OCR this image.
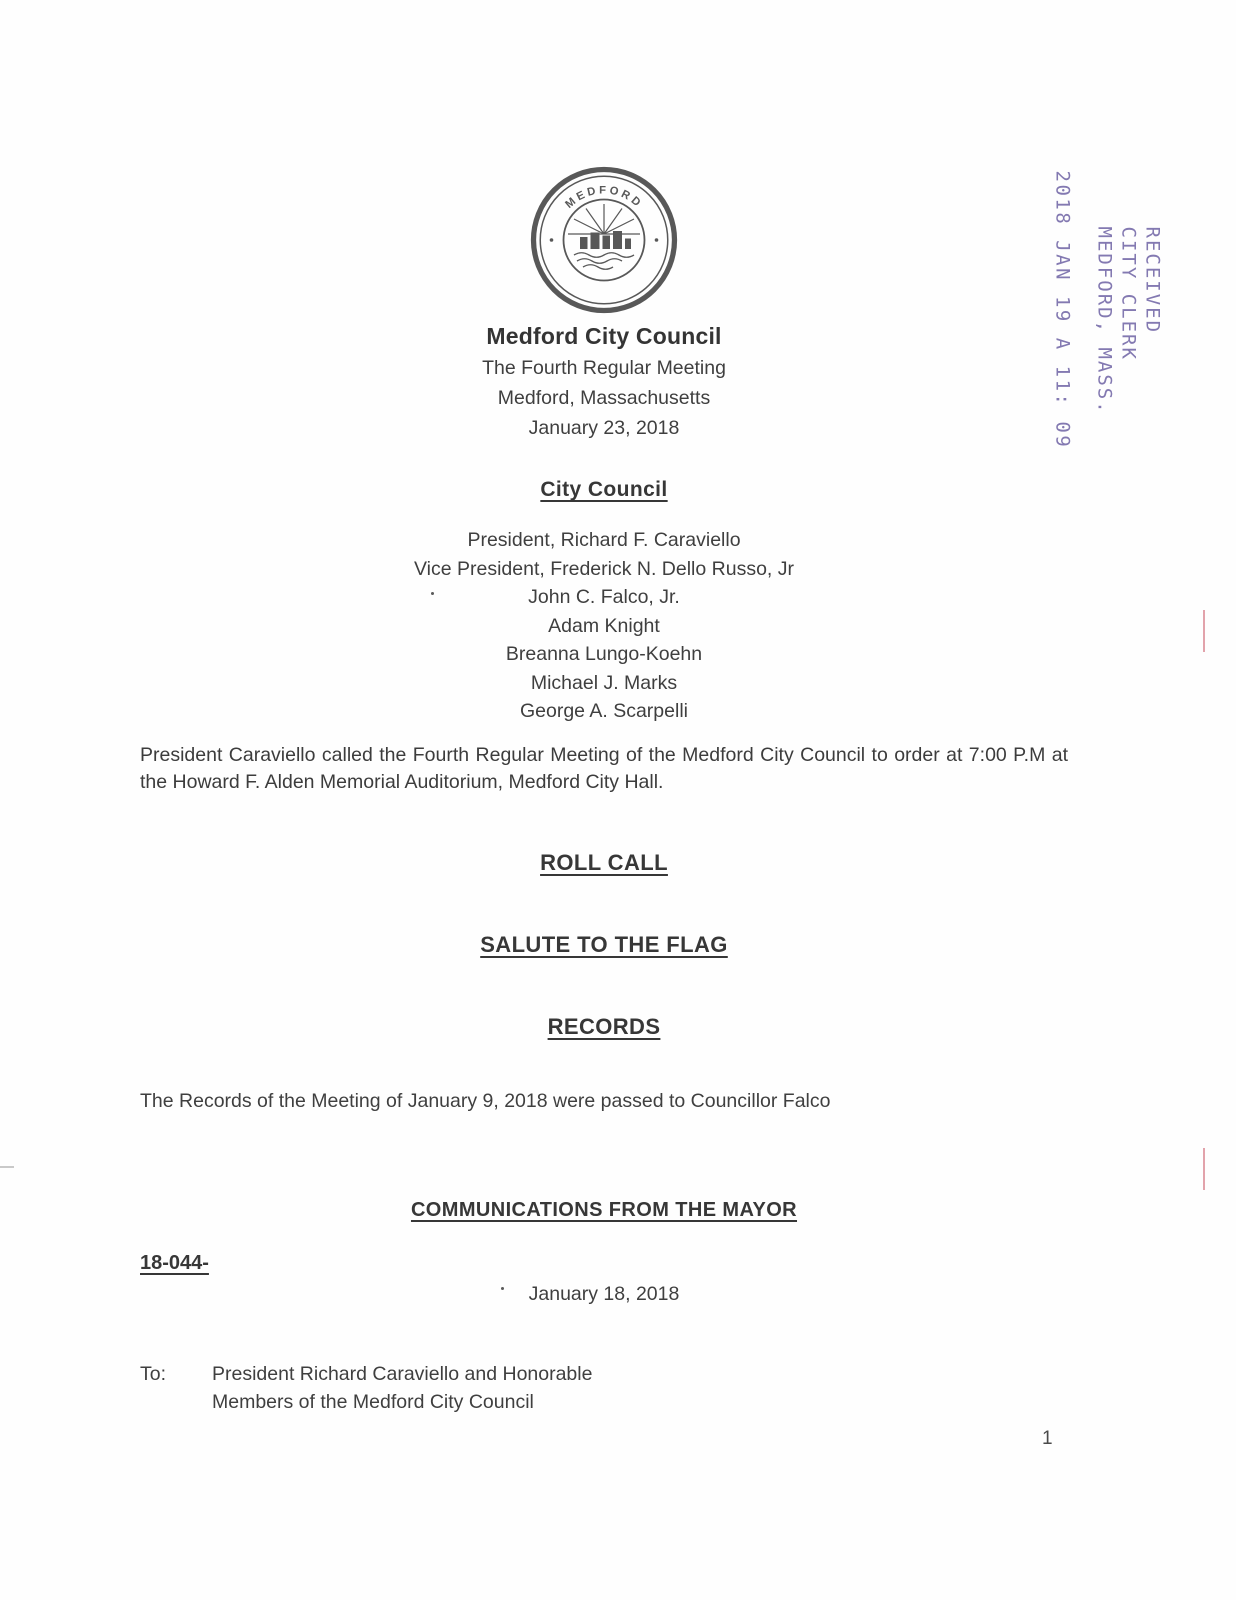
RECEIVED
CITY CLERK
MEDFORD, MASS.
2018 JAN 19 A 11: 09
MEDFORD
Medford City Council
The Fourth Regular Meeting
Medford, Massachusetts
January 23, 2018
City Council
President, Richard F. Caraviello
Vice President, Frederick N. Dello Russo, Jr
John C. Falco, Jr.
Adam Knight
Breanna Lungo-Koehn
Michael J. Marks
George A. Scarpelli
President Caraviello called the Fourth Regular Meeting of the Medford City Council to order at 7:00 P.M at the Howard F. Alden Memorial Auditorium, Medford City Hall.
ROLL CALL
SALUTE TO THE FLAG
RECORDS
The Records of the Meeting of January 9, 2018 were passed to Councillor Falco
COMMUNICATIONS FROM THE MAYOR
18-044-
January 18, 2018
To:	President Richard Caraviello and Honorable
Members of the Medford City Council
1
